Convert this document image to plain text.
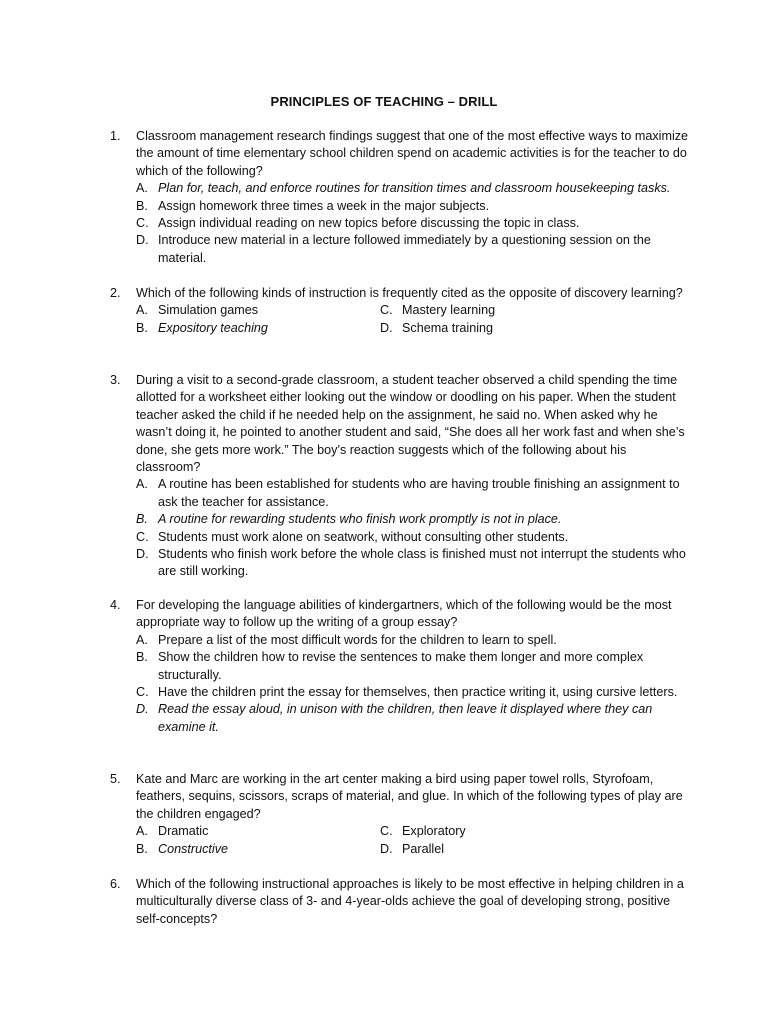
PRINCIPLES OF TEACHING – DRILL
1.	Classroom management research findings suggest that one of the most effective ways to maximize the amount of time elementary school children spend on academic activities is for the teacher to do which of the following?
A. Plan for, teach, and enforce routines for transition times and classroom housekeeping tasks.
B. Assign homework three times a week in the major subjects.
C. Assign individual reading on new topics before discussing the topic in class.
D. Introduce new material in a lecture followed immediately by a questioning session on the material.
2.	Which of the following kinds of instruction is frequently cited as the opposite of discovery learning?
A. Simulation games	C. Mastery learning
B. Expository teaching	D. Schema training
3.	During a visit to a second-grade classroom, a student teacher observed a child spending the time allotted for a worksheet either looking out the window or doodling on his paper. When the student teacher asked the child if he needed help on the assignment, he said no. When asked why he wasn’t doing it, he pointed to another student and said, “She does all her work fast and when she’s done, she gets more work.” The boy’s reaction suggests which of the following about his classroom?
A. A routine has been established for students who are having trouble finishing an assignment to ask the teacher for assistance.
B. A routine for rewarding students who finish work promptly is not in place.
C. Students must work alone on seatwork, without consulting other students.
D. Students who finish work before the whole class is finished must not interrupt the students who are still working.
4.	For developing the language abilities of kindergartners, which of the following would be the most appropriate way to follow up the writing of a group essay?
A. Prepare a list of the most difficult words for the children to learn to spell.
B. Show the children how to revise the sentences to make them longer and more complex structurally.
C. Have the children print the essay for themselves, then practice writing it, using cursive letters.
D. Read the essay aloud, in unison with the children, then leave it displayed where they can examine it.
5.	Kate and Marc are working in the art center making a bird using paper towel rolls, Styrofoam, feathers, sequins, scissors, scraps of material, and glue. In which of the following types of play are the children engaged?
A. Dramatic	C. Exploratory
B. Constructive	D. Parallel
6.	Which of the following instructional approaches is likely to be most effective in helping children in a multiculturally diverse class of 3- and 4-year-olds achieve the goal of developing strong, positive self-concepts?
